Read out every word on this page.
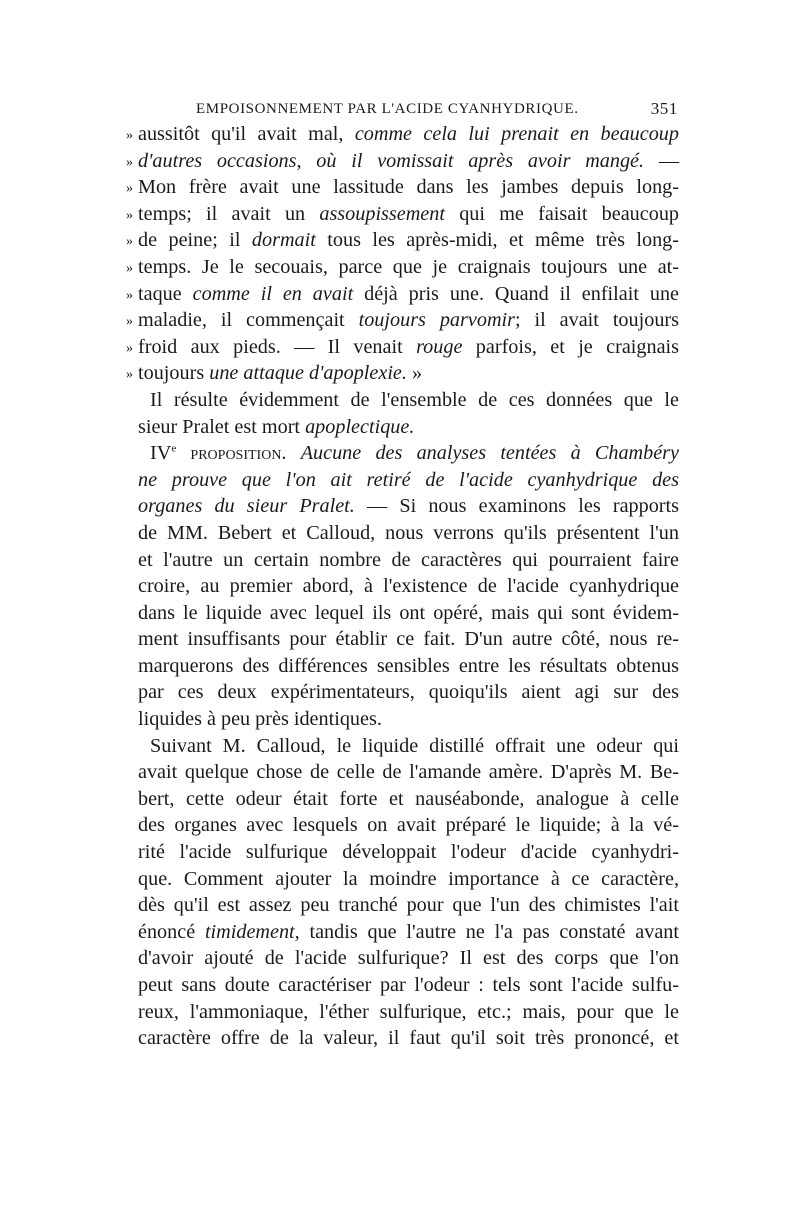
EMPOISONNEMENT PAR L'ACIDE CYANHYDRIQUE.	351
» aussitôt qu'il avait mal, comme cela lui prenait en beaucoup
» d'autres occasions, où il vomissait après avoir mangé. —
» Mon frère avait une lassitude dans les jambes depuis long-
» temps; il avait un assoupissement qui me faisait beaucoup
» de peine; il dormait tous les après-midi, et même très long-
» temps. Je le secouais, parce que je craignais toujours une at-
» taque comme il en avait déjà pris une. Quand il enfilait une
» maladie, il commençait toujours parvomir; il avait toujours
» froid aux pieds. — Il venait rouge parfois, et je craignais
» toujours une attaque d'apoplexie. »
Il résulte évidemment de l'ensemble de ces données que le
sieur Pralet est mort apoplectique.
IVe proposition. Aucune des analyses tentées à Chambéry
ne prouve que l'on ait retiré de l'acide cyanhydrique des
organes du sieur Pralet. — Si nous examinons les rapports
de MM. Bebert et Calloud, nous verrons qu'ils présentent l'un
et l'autre un certain nombre de caractères qui pourraient faire
croire, au premier abord, à l'existence de l'acide cyanhydrique
dans le liquide avec lequel ils ont opéré, mais qui sont évidem-
ment insuffisants pour établir ce fait. D'un autre côté, nous re-
marquerons des différences sensibles entre les résultats obtenus
par ces deux expérimentateurs, quoiqu'ils aient agi sur des
liquides à peu près identiques.
Suivant M. Calloud, le liquide distillé offrait une odeur qui
avait quelque chose de celle de l'amande amère. D'après M. Be-
bert, cette odeur était forte et nauséabonde, analogue à celle
des organes avec lesquels on avait préparé le liquide; à la vé-
rité l'acide sulfurique développait l'odeur d'acide cyanhydri-
que. Comment ajouter la moindre importance à ce caractère,
dès qu'il est assez peu tranché pour que l'un des chimistes l'ait
énoncé timidement, tandis que l'autre ne l'a pas constaté avant
d'avoir ajouté de l'acide sulfurique? Il est des corps que l'on
peut sans doute caractériser par l'odeur : tels sont l'acide sulfu-
reux, l'ammoniaque, l'éther sulfurique, etc.; mais, pour que le
caractère offre de la valeur, il faut qu'il soit très prononcé, et
